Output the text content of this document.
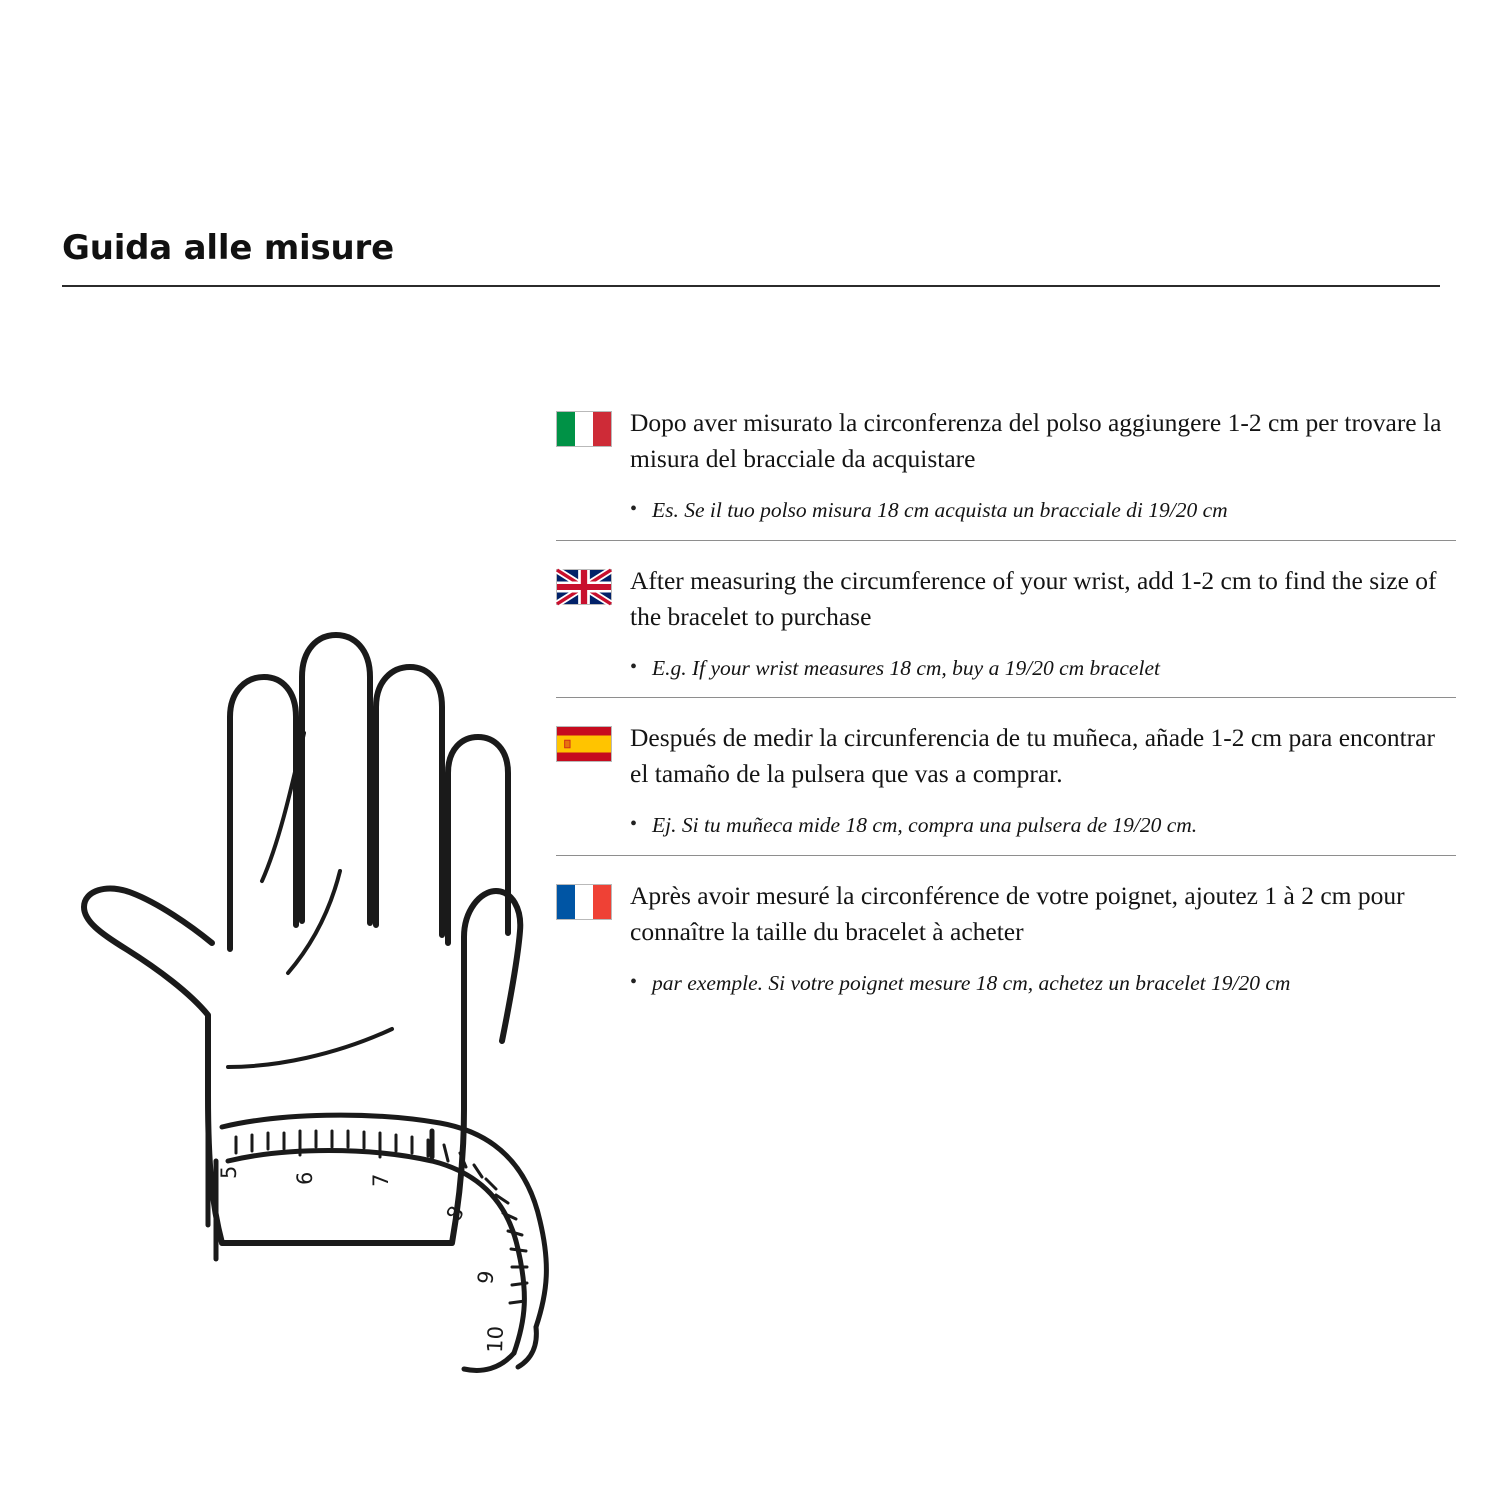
Guida alle misure
5 6 7
8
9
10
Dopo aver misurato la circonferenza del polso aggiungere 1-2 cm per trovare la misura del bracciale da acquistare
• Es. Se il tuo polso misura 18 cm acquista un bracciale di 19/20 cm
After measuring the circumference of your wrist, add 1-2 cm to find the size of the bracelet to purchase
• E.g. If your wrist measures 18 cm, buy a 19/20 cm bracelet
Después de medir la circunferencia de tu muñeca, añade 1-2 cm para encontrar el tamaño de la pulsera que vas a comprar.
• Ej. Si tu muñeca mide 18 cm, compra una pulsera de 19/20 cm.
Après avoir mesuré la circonférence de votre poignet, ajoutez 1 à 2 cm pour connaître la taille du bracelet à acheter
• par exemple. Si votre poignet mesure 18 cm, achetez un bracelet 19/20 cm
